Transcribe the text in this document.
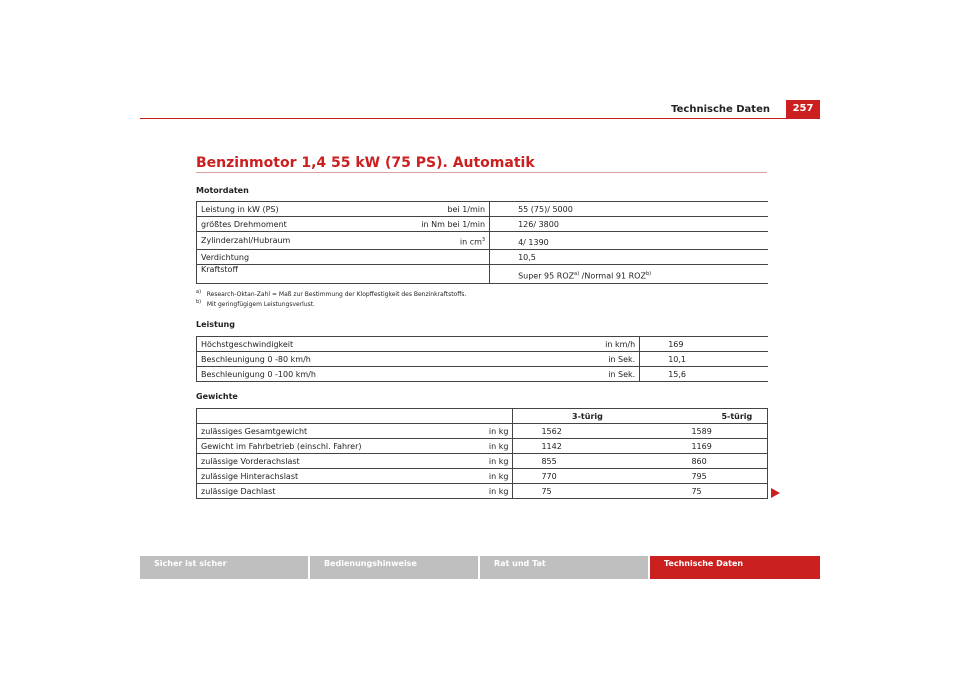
Technische Daten	257
Benzinmotor 1,4 55 kW (75 PS). Automatik
Motordaten
Leistung in kW (PS)	bei 1/min	55 (75)/ 5000
größtes Drehmoment	in Nm bei 1/min	126/ 3800
Zylinderzahl/Hubraum	in $cm^3$	4/ 1390
Verdichtung		10,5
Kraftstoff		Super 95 ROZ$^{a)}$ /Normal 91 ROZ$^{b)}$
$^{a)}$ Research-Oktan-Zahl = Maß zur Bestimmung der Klopffestigkeit des Benzinkraftstoffs.
$^{b)}$ Mit geringfügigem Leistungsverlust.
Leistung
Höchstgeschwindigkeit	in km/h	169
Beschleunigung 0 -80 km/h	in Sek.	10,1
Beschleunigung 0 -100 km/h	in Sek.	15,6
Gewichte
		3-türig	5-türig
zulässiges Gesamtgewicht	in kg	1562	1589
Gewicht im Fahrbetrieb (einschl. Fahrer)	in kg	1142	1169
zulässige Vorderachslast	in kg	855	860
zulässige Hinterachslast	in kg	770	795
zulässige Dachlast	in kg	75	75
Sicher ist sicher	Bedienungshinweise	Rat und Tat	Technische Daten
